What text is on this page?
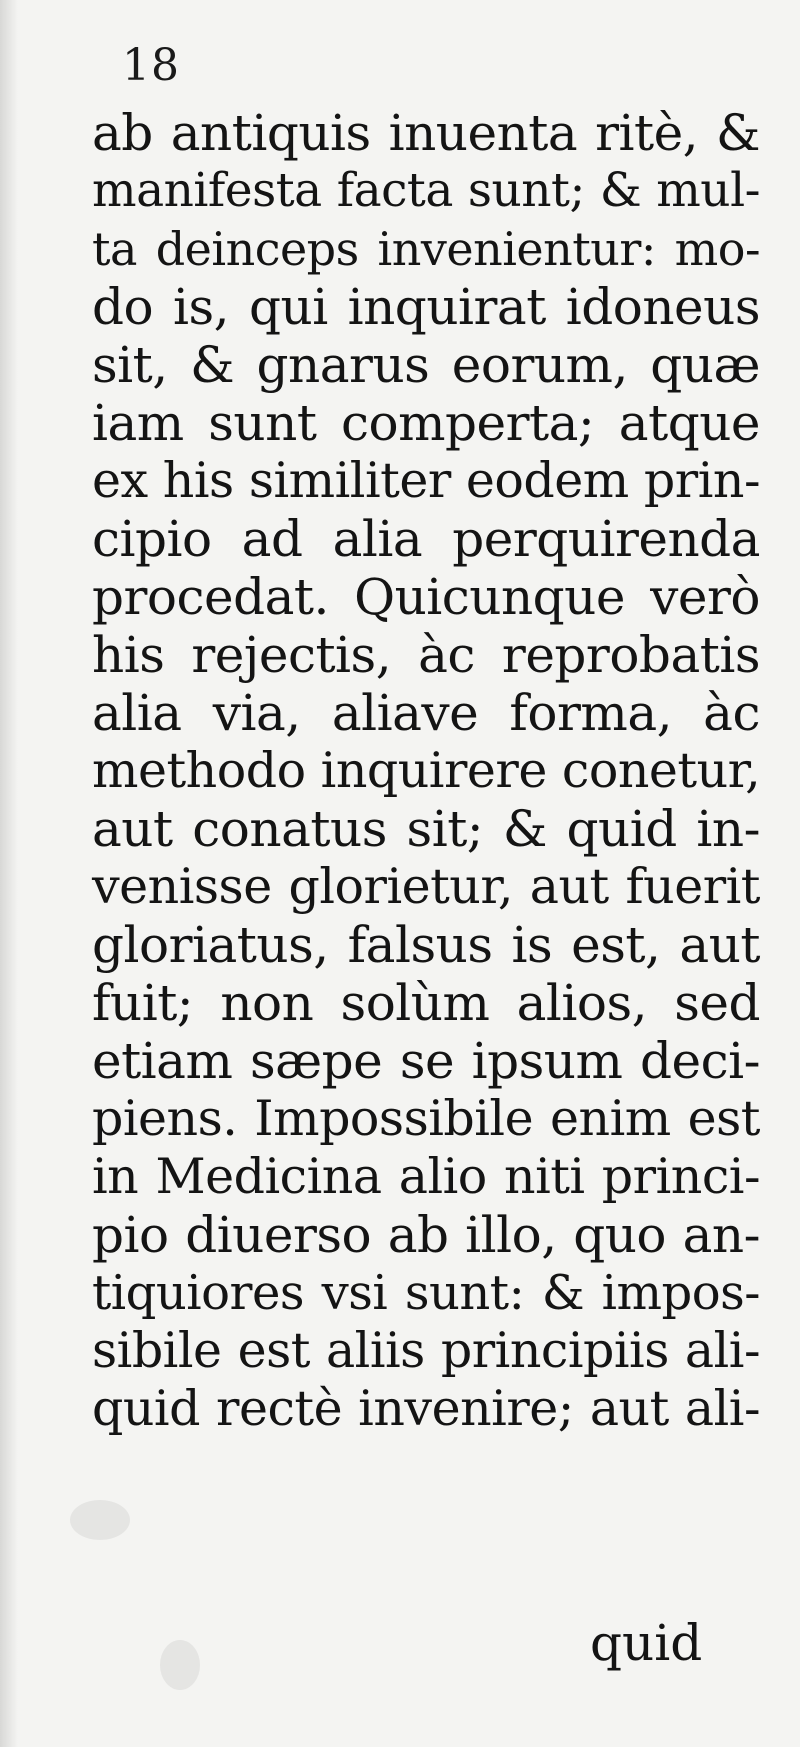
18
ab antiquis inuenta ritè, &
manifesta facta sunt; & mul-
ta deinceps invenientur: mo-
do is, qui inquirat idoneus
sit, & gnarus eorum, quæ
iam sunt comperta; atque
ex his similiter eodem prin-
cipio ad alia perquirenda
procedat. Quicunque verò
his rejectis, àc reprobatis
alia via, aliave forma, àc
methodo inquirere conetur,
aut conatus sit; & quid in-
venisse glorietur, aut fuerit
gloriatus, falsus is est, aut
fuit; non solùm alios, sed
etiam sæpe se ipsum deci-
piens. Impossibile enim est
in Medicina alio niti princi-
pio diuerso ab illo, quo an-
tiquiores vsi sunt: & impos-
sibile est aliis principiis ali-
quid rectè invenire; aut ali-
quid
